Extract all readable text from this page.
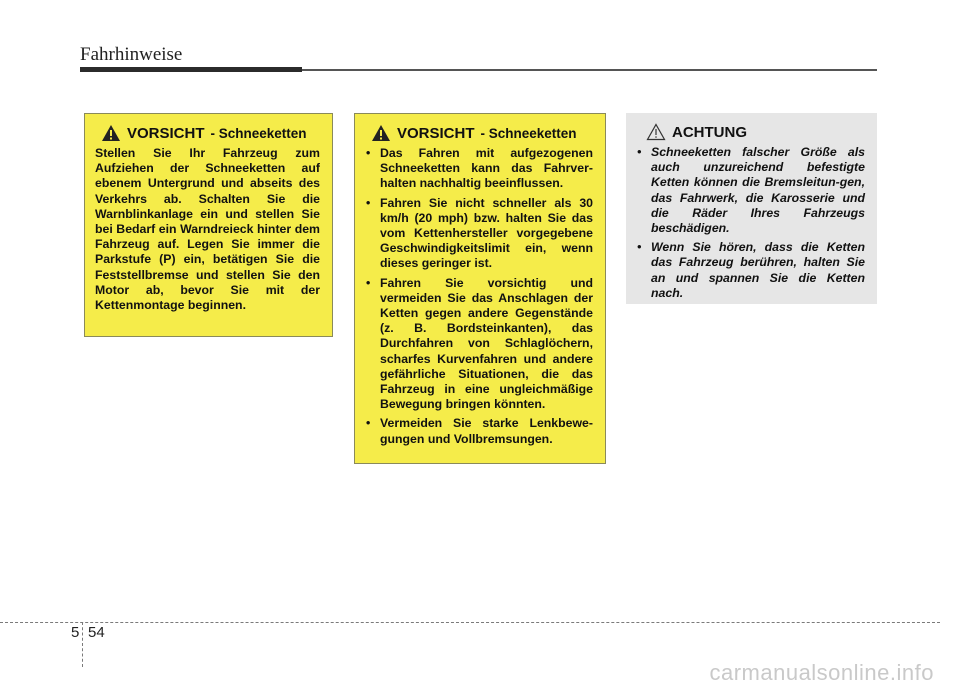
Fahrhinweise
VORSICHT - Schneeketten
Stellen Sie Ihr Fahrzeug zum Aufziehen der Schneeketten auf ebenem Untergrund und abseits des Verkehrs ab. Schalten Sie die Warnblinkanlage ein und stellen Sie bei Bedarf ein Warndreieck hinter dem Fahrzeug auf. Legen Sie immer die Parkstufe (P) ein, betätigen Sie die Feststellbremse und stellen Sie den Motor ab, bevor Sie mit der Kettenmontage beginnen.
VORSICHT - Schneeketten
• Das Fahren mit aufgezogenen Schneeketten kann das Fahrver-halten nachhaltig beeinflussen.
• Fahren Sie nicht schneller als 30 km/h (20 mph) bzw. halten Sie das vom Kettenhersteller vorgegebene Geschwindigkeitslimit ein, wenn dieses geringer ist.
• Fahren Sie vorsichtig und vermeiden Sie das Anschlagen der Ketten gegen andere Gegenstände (z. B. Bordsteinkanten), das Durchfahren von Schlaglöchern, scharfes Kurvenfahren und andere gefährliche Situationen, die das Fahrzeug in eine ungleichmäßige Bewegung bringen könnten.
• Vermeiden Sie starke Lenkbewe-gungen und Vollbremsungen.
ACHTUNG
• Schneeketten falscher Größe als auch unzureichend befestigte Ketten können die Bremsleitun-gen, das Fahrwerk, die Karosserie und die Räder Ihres Fahrzeugs beschädigen.
• Wenn Sie hören, dass die Ketten das Fahrzeug berühren, halten Sie an und spannen Sie die Ketten nach.
5 54
carmanualsonline.info
